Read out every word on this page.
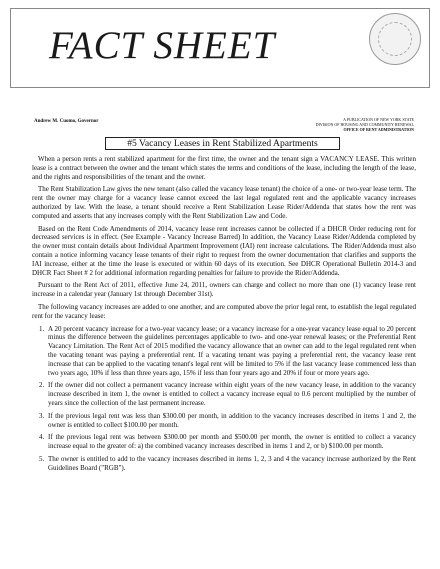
FACT SHEET
Andrew M. Cuomo, Governor	A PUBLICATION OF NEW YORK STATE
DIVISION OF HOUSING AND COMMUNITY RENEWAL
OFFICE OF RENT ADMINISTRATION
#5 Vacancy Leases in Rent Stabilized Apartments

When a person rents a rent stabilized apartment for the first time, the owner and the tenant sign a VACANCY LEASE. This written lease is a contract between the owner and the tenant which states the terms and conditions of the lease, including the length of the lease, and the rights and responsibilities of the tenant and the owner.

The Rent Stabilization Law gives the new tenant (also called the vacancy lease tenant) the choice of a one- or two-year lease term. The rent the owner may charge for a vacancy lease cannot exceed the last legal regulated rent and the applicable vacancy increases authorized by law. With the lease, a tenant should receive a Rent Stabilization Lease Rider/Addenda that states how the rent was computed and asserts that any increases comply with the Rent Stabilization Law and Code.

Based on the Rent Code Amendments of 2014, vacancy lease rent increases cannot be collected if a DHCR Order reducing rent for decreased services is in effect. (See Example - Vacancy Increase Barred) In addition, the Vacancy Lease Rider/Addenda completed by the owner must contain details about Individual Apartment Improvement (IAI) rent increase calculations. The Rider/Addenda must also contain a notice informing vacancy lease tenants of their right to request from the owner documentation that clarifies and supports the IAI increase, either at the time the lease is executed or within 60 days of its execution. See DHCR Operational Bulletin 2014-3 and DHCR Fact Sheet # 2 for additional information regarding penalties for failure to provide the Rider/Addenda.

Pursuant to the Rent Act of 2011, effective June 24, 2011, owners can charge and collect no more than one (1) vacancy lease rent increase in a calendar year (January 1st through December 31st).

The following vacancy increases are added to one another, and are computed above the prior legal rent, to establish the legal regulated rent for the vacancy lease:

1. A 20 percent vacancy increase for a two-year vacancy lease; or a vacancy increase for a one-year vacancy lease equal to 20 percent minus the difference between the guidelines percentages applicable to two- and one-year renewal leases; or the Preferential Rent Vacancy Limitation. The Rent Act of 2015 modified the vacancy allowance that an owner can add to the legal regulated rent when the vacating tenant was paying a preferential rent. If a vacating tenant was paying a preferential rent, the vacancy lease rent increase that can be applied to the vacating tenant's legal rent will be limited to 5% if the last vacancy lease commenced less than two years ago, 10% if less than three years ago, 15% if less than four years ago and 20% if four or more years ago.
2. If the owner did not collect a permanent vacancy increase within eight years of the new vacancy lease, in addition to the vacancy increase described in item 1, the owner is entitled to collect a vacancy increase equal to 0.6 percent multiplied by the number of years since the collection of the last permanent increase.
3. If the previous legal rent was less than $300.00 per month, in addition to the vacancy increases described in items 1 and 2, the owner is entitled to collect $100.00 per month.
4. If the previous legal rent was between $300.00 per month and $500.00 per month, the owner is entitled to collect a vacancy increase equal to the greater of: a) the combined vacancy increases described in items 1 and 2, or b) $100.00 per month.
5. The owner is entitled to add to the vacancy increases described in items 1, 2, 3 and 4 the vacancy increase authorized by the Rent Guidelines Board ("RGB").
